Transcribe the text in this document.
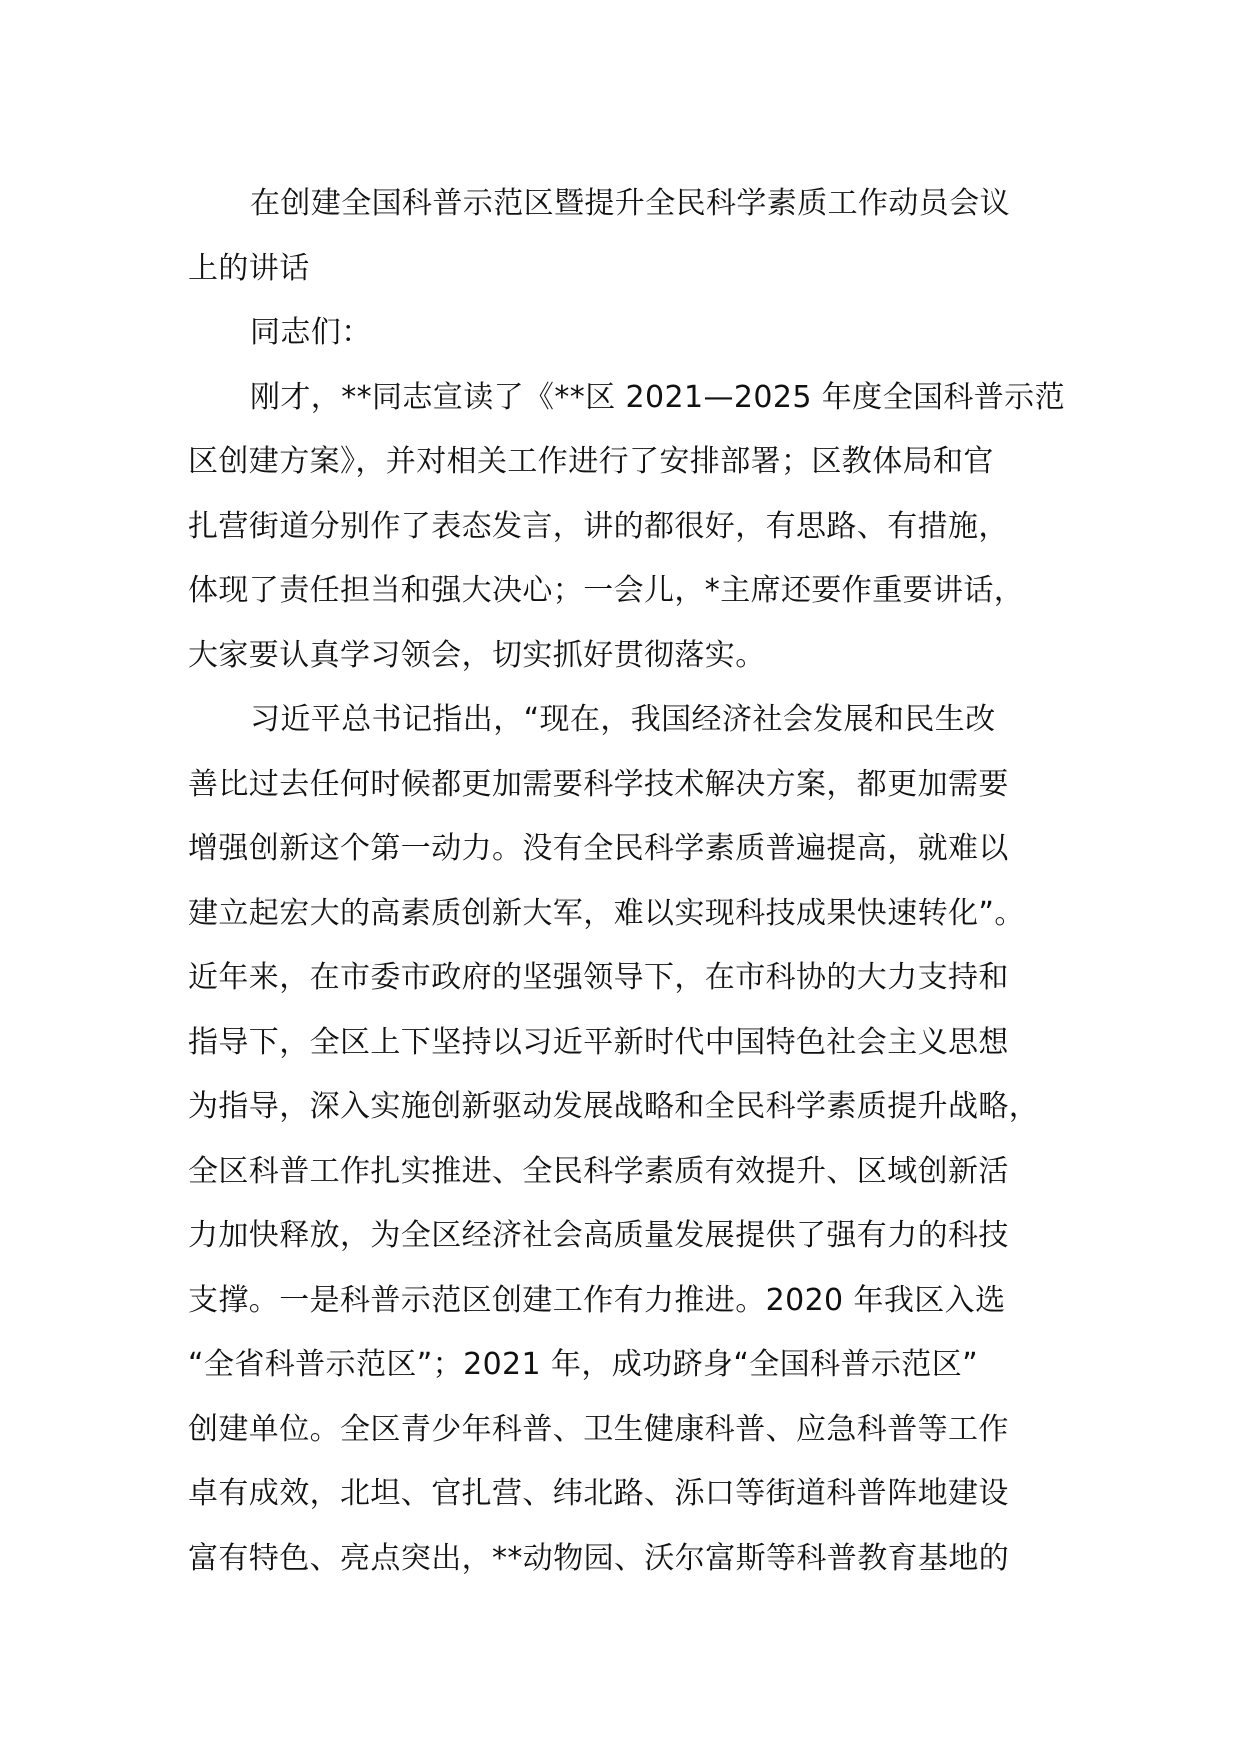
在创建全国科普示范区暨提升全民科学素质工作动员会议
上的讲话
同志们：
刚才，**同志宣读了《**区 2021—2025 年度全国科普示范
区创建方案》，并对相关工作进行了安排部署；区教体局和官
扎营街道分别作了表态发言，讲的都很好，有思路、有措施，
体现了责任担当和强大决心；一会儿，*主席还要作重要讲话，
大家要认真学习领会，切实抓好贯彻落实。
习近平总书记指出，“现在，我国经济社会发展和民生改
善比过去任何时候都更加需要科学技术解决方案，都更加需要
增强创新这个第一动力。没有全民科学素质普遍提高，就难以
建立起宏大的高素质创新大军，难以实现科技成果快速转化”。
近年来，在市委市政府的坚强领导下，在市科协的大力支持和
指导下，全区上下坚持以习近平新时代中国特色社会主义思想
为指导，深入实施创新驱动发展战略和全民科学素质提升战略，
全区科普工作扎实推进、全民科学素质有效提升、区域创新活
力加快释放，为全区经济社会高质量发展提供了强有力的科技
支撑。一是科普示范区创建工作有力推进。2020 年我区入选
“全省科普示范区”；2021 年，成功跻身“全国科普示范区”
创建单位。全区青少年科普、卫生健康科普、应急科普等工作
卓有成效，北坦、官扎营、纬北路、泺口等街道科普阵地建设
富有特色、亮点突出，**动物园、沃尔富斯等科普教育基地的
